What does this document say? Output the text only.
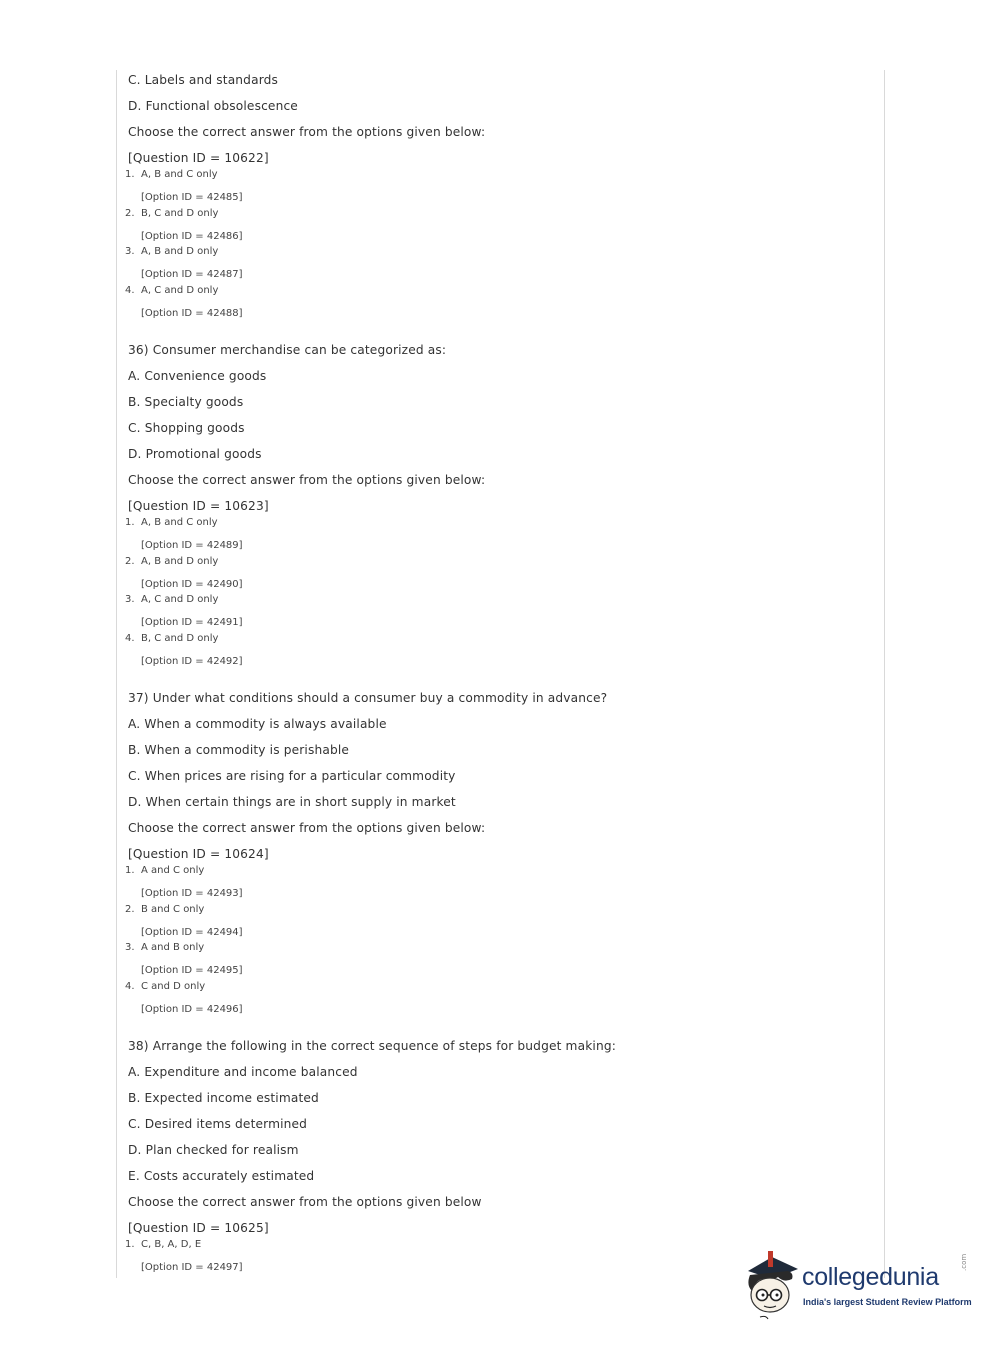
C. Labels and standards
D. Functional obsolescence
Choose the correct answer from the options given below:
[Question ID = 10622]
1. A, B and C only
[Option ID = 42485]
2. B, C and D only
[Option ID = 42486]
3. A, B and D only
[Option ID = 42487]
4. A, C and D only
[Option ID = 42488]
36) Consumer merchandise can be categorized as:
A. Convenience goods
B. Specialty goods
C. Shopping goods
D. Promotional goods
Choose the correct answer from the options given below:
[Question ID = 10623]
1. A, B and C only
[Option ID = 42489]
2. A, B and D only
[Option ID = 42490]
3. A, C and D only
[Option ID = 42491]
4. B, C and D only
[Option ID = 42492]
37) Under what conditions should a consumer buy a commodity in advance?
A. When a commodity is always available
B. When a commodity is perishable
C. When prices are rising for a particular commodity
D. When certain things are in short supply in market
Choose the correct answer from the options given below:
[Question ID = 10624]
1. A and C only
[Option ID = 42493]
2. B and C only
[Option ID = 42494]
3. A and B only
[Option ID = 42495]
4. C and D only
[Option ID = 42496]
38) Arrange the following in the correct sequence of steps for budget making:
A. Expenditure and income balanced
B. Expected income estimated
C. Desired items determined
D. Plan checked for realism
E. Costs accurately estimated
Choose the correct answer from the options given below
[Question ID = 10625]
1. C, B, A, D, E
[Option ID = 42497]	collegedunia
.com
India's largest Student Review Platform
